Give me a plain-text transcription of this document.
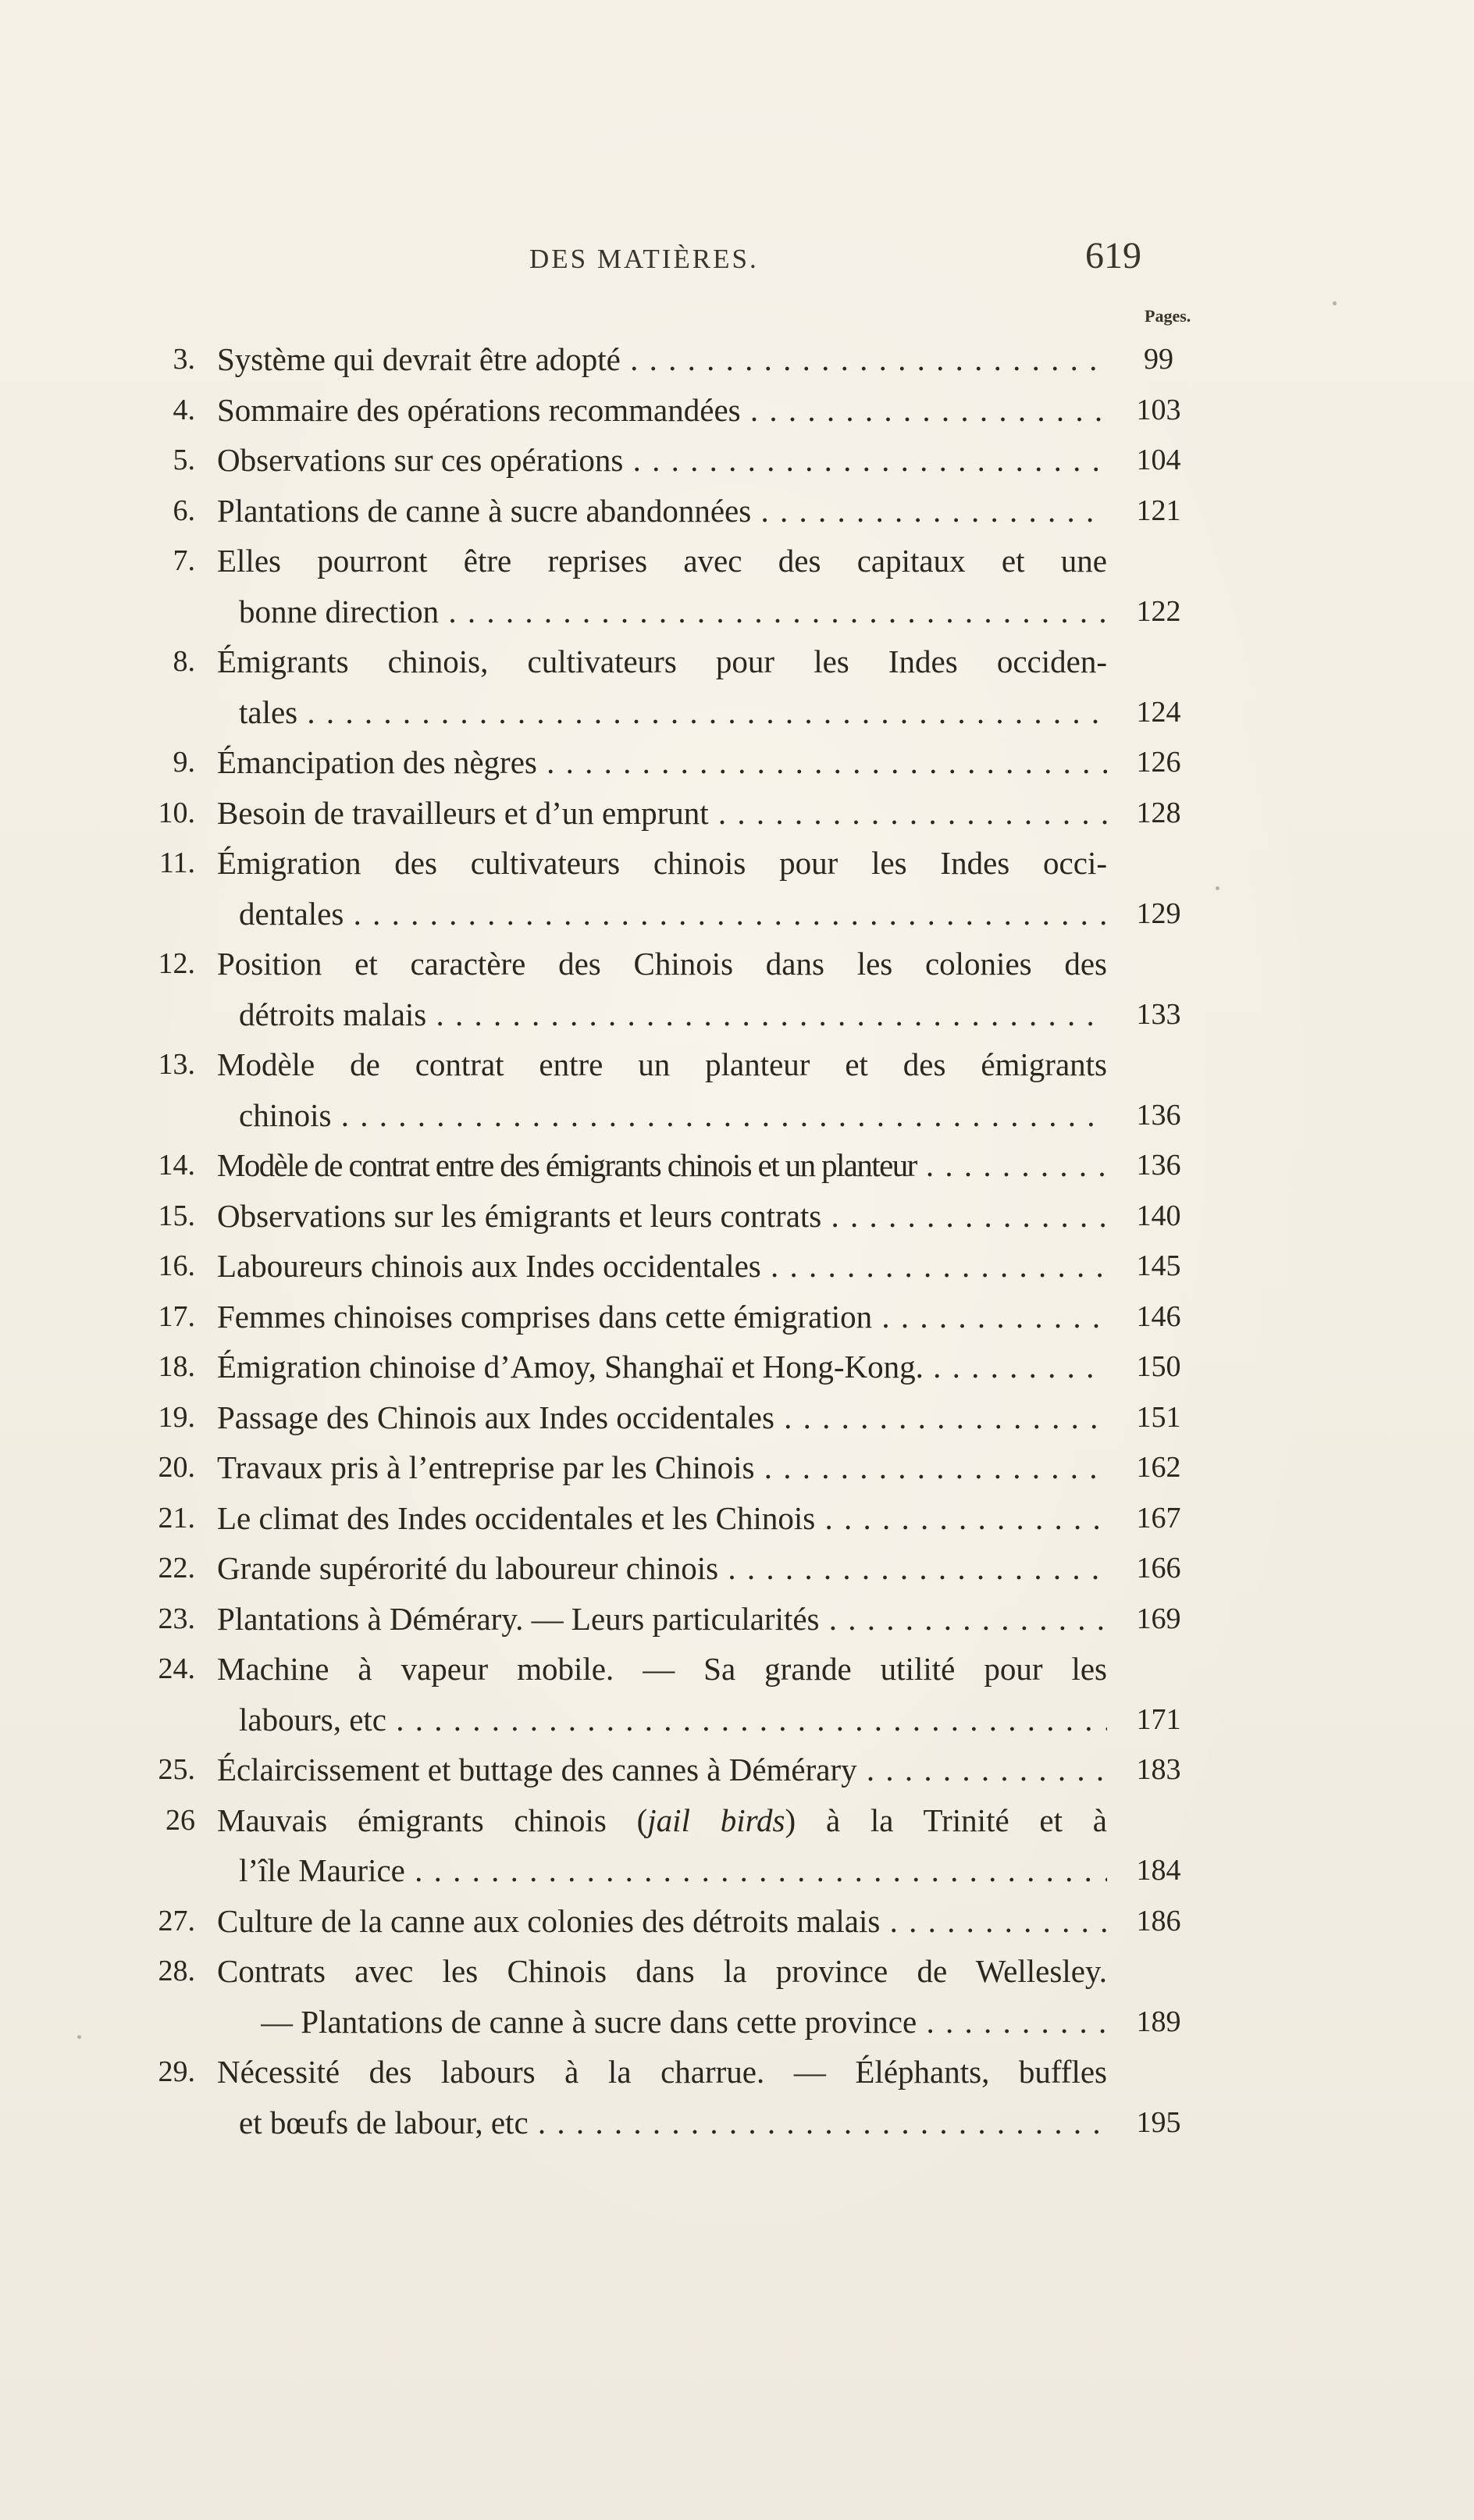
DES MATIÈRES.	619
Pages.
3. Système qui devrait être adopté . . .	99
4. Sommaire des opérations recommandées . . .	103
5. Observations sur ces opérations . . .	104
6. Plantations de canne à sucre abandonnées . . .	121
7. Elles pourront être reprises avec des capitaux et une
bonne direction . . .	122
8. Émigrants chinois, cultivateurs pour les Indes occiden-
tales . . .	124
9. Émancipation des nègres . . .	126
10. Besoin de travailleurs et d’un emprunt . . .	128
11. Émigration des cultivateurs chinois pour les Indes occi-
dentales . . .	129
12. Position et caractère des Chinois dans les colonies des
détroits malais . . .	133
13. Modèle de contrat entre un planteur et des émigrants
chinois . . .	136
14. Modèle de contrat entre des émigrants chinois et un planteur . . .	136
15. Observations sur les émigrants et leurs contrats . . .	140
16. Laboureurs chinois aux Indes occidentales . . .	145
17. Femmes chinoises comprises dans cette émigration . . .	146
18. Émigration chinoise d’Amoy, Shanghaï et Hong-Kong. . . .	150
19. Passage des Chinois aux Indes occidentales . . .	151
20. Travaux pris à l’entreprise par les Chinois . . .	162
21. Le climat des Indes occidentales et les Chinois . . .	167
22. Grande supérorité du laboureur chinois . . .	166
23. Plantations à Démérary. — Leurs particularités . . .	169
24. Machine à vapeur mobile. — Sa grande utilité pour les
labours, etc . . .	171
25. Éclaircissement et buttage des cannes à Démérary . . .	183
26 Mauvais émigrants chinois (jail birds) à la Trinité et à
l’île Maurice . . .	184
27. Culture de la canne aux colonies des détroits malais . . .	186
28. Contrats avec les Chinois dans la province de Wellesley.
— Plantations de canne à sucre dans cette province . . .	189
29. Nécessité des labours à la charrue. — Éléphants, buffles
et bœufs de labour, etc . . .	195
